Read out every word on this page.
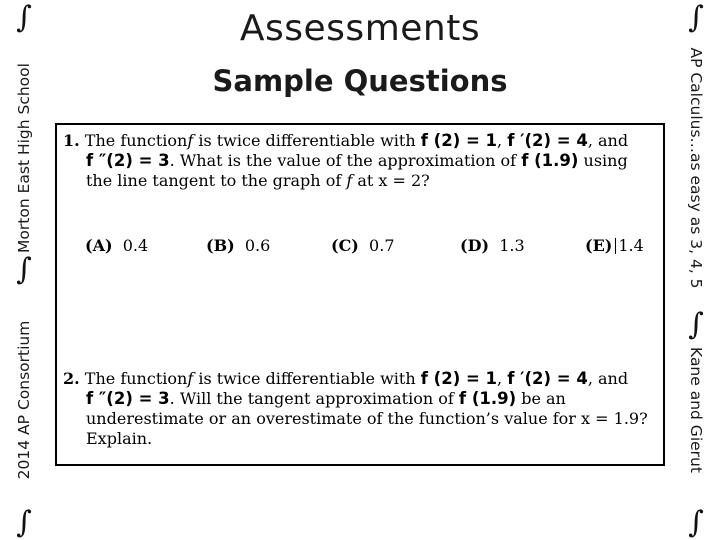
∫
Morton East High School
∫
2014 AP Consortium
∫
∫
AP Calculus…as easy as 3, 4, 5
∫
Kane and Gierut
∫
Assessments
Sample Questions
1. The functionf is twice differentiable with f (2) = 1, f ′(2) = 4, and
f ″(2) = 3. What is the value of the approximation of f (1.9) using
the line tangent to the graph of f at x = 2?
(A) 0.4	(B) 0.6	(C) 0.7	(D) 1.3	(E) 1.4
2. The functionf is twice differentiable with f (2) = 1, f ′(2) = 4, and
f ″(2) = 3. Will the tangent approximation of f (1.9) be an
underestimate or an overestimate of the function’s value for x = 1.9?
Explain.
